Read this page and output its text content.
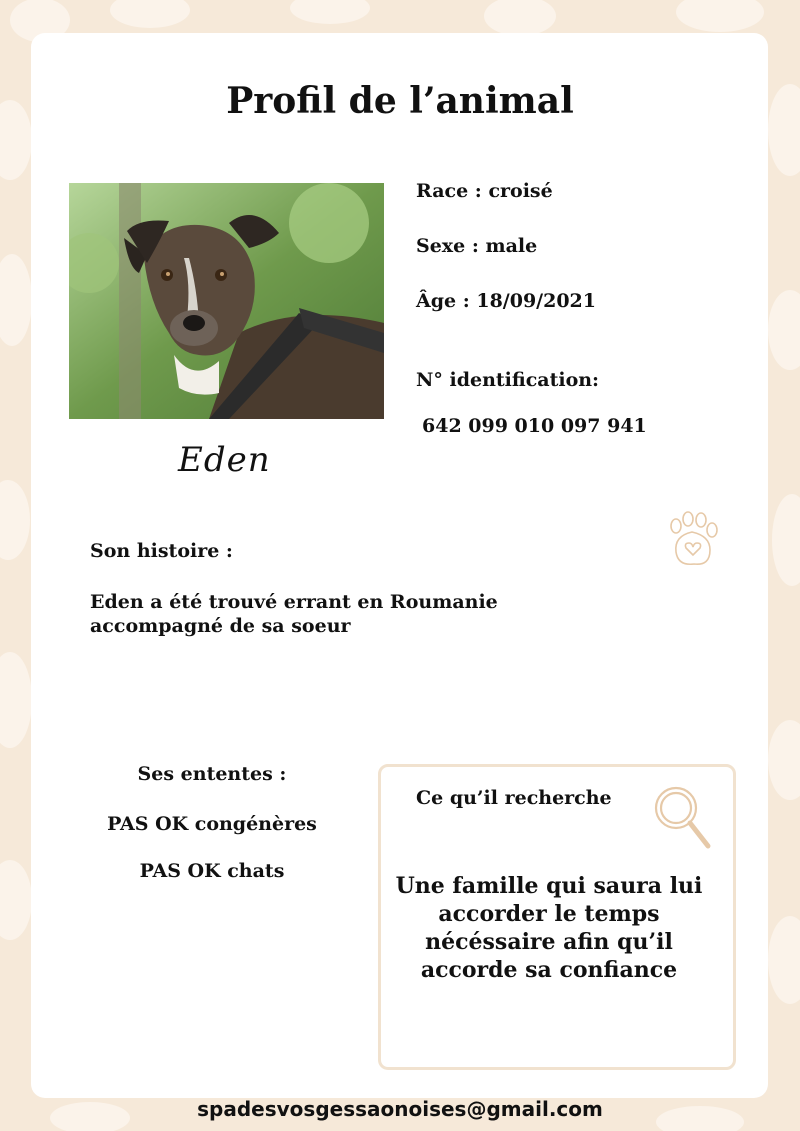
Profil de l’animal
Eden
Race : croisé
Sexe : male
Âge : 18/09/2021
N° identification:
642 099 010 097 941
Son histoire :
Eden a été trouvé errant en Roumanie accompagné de sa soeur
Ses ententes :
PAS OK congénères
PAS OK chats
Ce qu’il recherche
Une famille qui saura lui accorder le temps nécéssaire afin qu’il accorde sa confiance
spadesvosgessaonoises@gmail.com
